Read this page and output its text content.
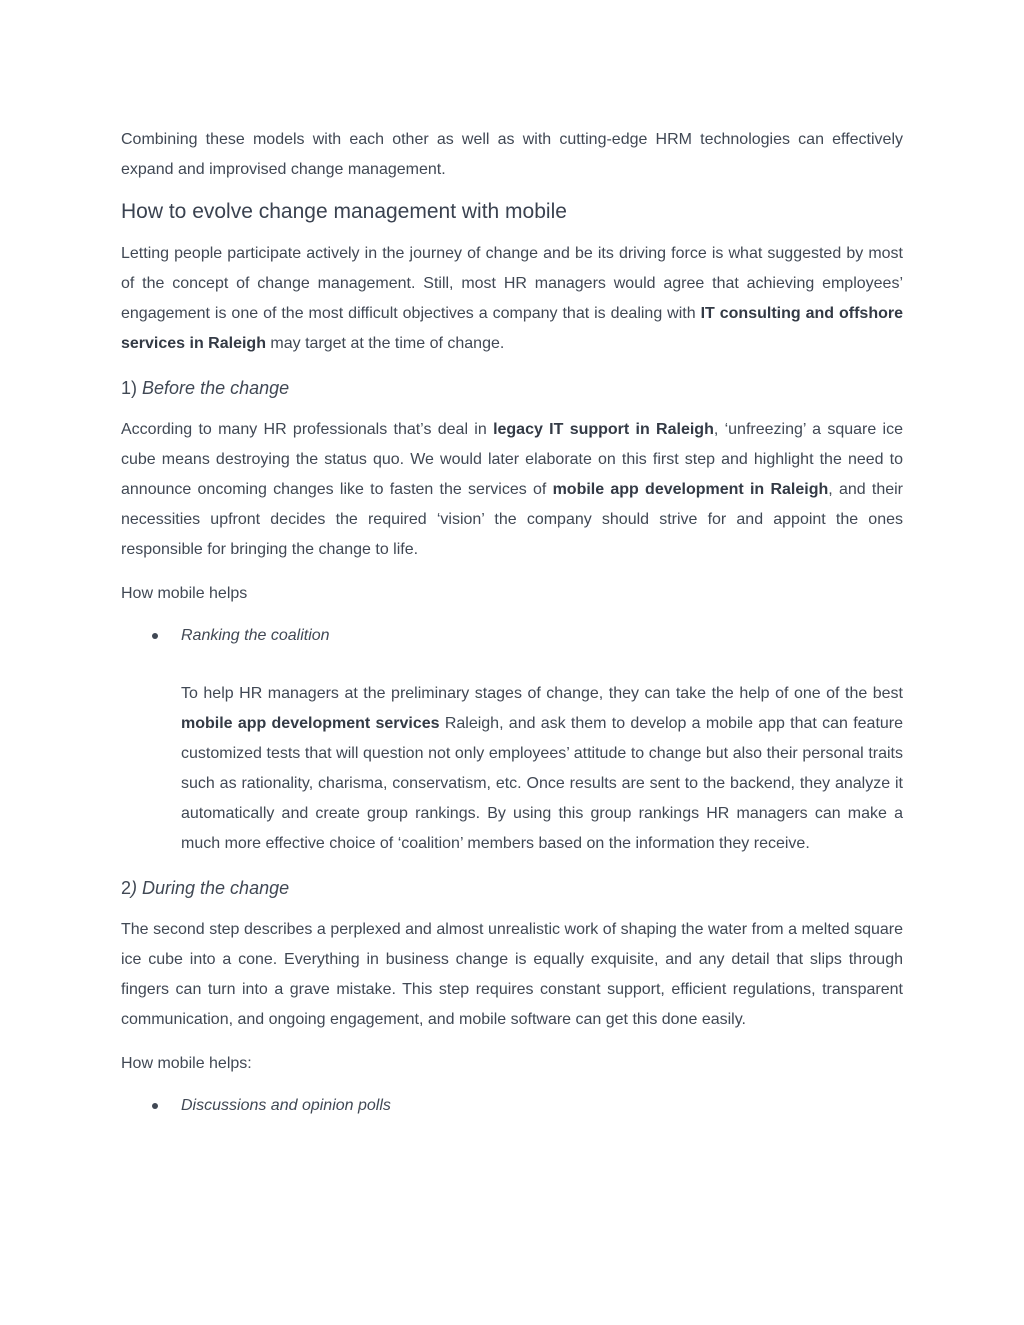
Combining these models with each other as well as with cutting-edge HRM technologies can effectively expand and improvised change management.

How to evolve change management with mobile

Letting people participate actively in the journey of change and be its driving force is what suggested by most of the concept of change management. Still, most HR managers would agree that achieving employees’ engagement is one of the most difficult objectives a company that is dealing with IT consulting and offshore services in Raleigh may target at the time of change.

1) Before the change

According to many HR professionals that’s deal in legacy IT support in Raleigh, ‘unfreezing’ a square ice cube means destroying the status quo. We would later elaborate on this first step and highlight the need to announce oncoming changes like to fasten the services of mobile app development in Raleigh, and their necessities upfront decides the required ‘vision’ the company should strive for and appoint the ones responsible for bringing the change to life.

How mobile helps

Ranking the coalition

To help HR managers at the preliminary stages of change, they can take the help of one of the best mobile app development services Raleigh, and ask them to develop a mobile app that can feature customized tests that will question not only employees’ attitude to change but also their personal traits such as rationality, charisma, conservatism, etc. Once results are sent to the backend, they analyze it automatically and create group rankings. By using this group rankings HR managers can make a much more effective choice of ‘coalition’ members based on the information they receive.

2) During the change

The second step describes a perplexed and almost unrealistic work of shaping the water from a melted square ice cube into a cone. Everything in business change is equally exquisite, and any detail that slips through fingers can turn into a grave mistake. This step requires constant support, efficient regulations, transparent communication, and ongoing engagement, and mobile software can get this done easily.

How mobile helps:

Discussions and opinion polls
